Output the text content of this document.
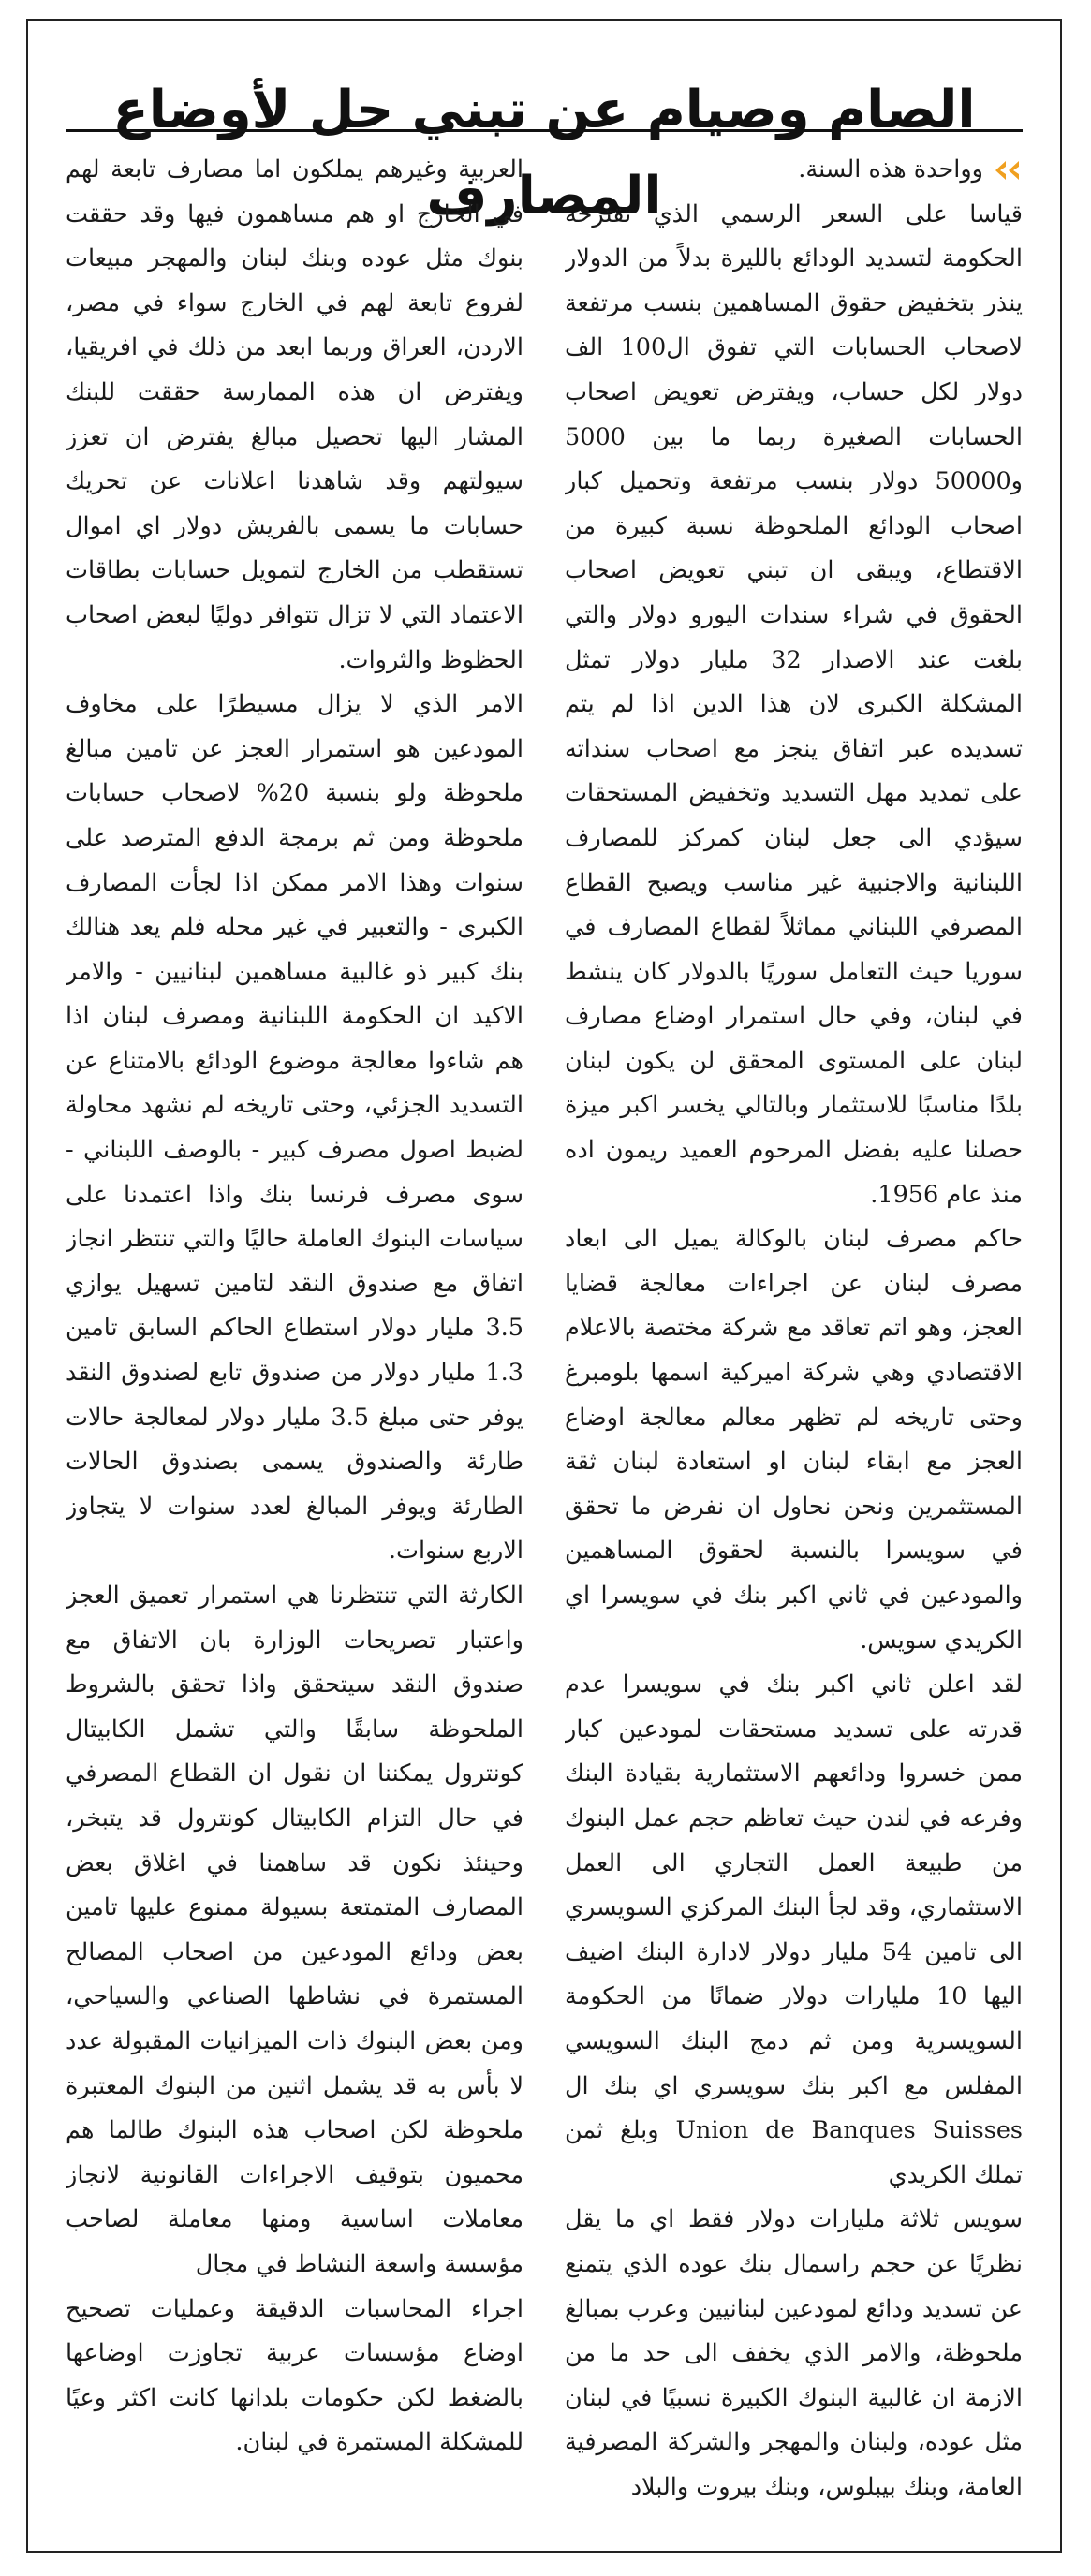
الصام وصيام عن تبني حل لأوضاع المصارف	وواحدة هذه السنة.

قياسا على السعر الرسمي الذي تقترحه الحكومة لتسديد الودائع بالليرة بدلاً من الدولار ينذر بتخفيض حقوق المساهمين بنسب مرتفعة لاصحاب الحسابات التي تفوق ال100 الف دولار لكل حساب، ويفترض تعويض اصحاب الحسابات الصغيرة ربما ما بين 5000 و50000 دولار بنسب مرتفعة وتحميل كبار اصحاب الودائع الملحوظة نسبة كبيرة من الاقتطاع، ويبقى ان تبني تعويض اصحاب الحقوق في شراء سندات اليورو دولار والتي بلغت عند الاصدار 32 مليار دولار تمثل المشكلة الكبرى لان هذا الدين اذا لم يتم تسديده عبر اتفاق ينجز مع اصحاب سنداته على تمديد مهل التسديد وتخفيض المستحقات سيؤدي الى جعل لبنان كمركز للمصارف اللبنانية والاجنبية غير مناسب ويصبح القطاع المصرفي اللبناني مماثلاً لقطاع المصارف في سوريا حيث التعامل سوريًا بالدولار كان ينشط في لبنان، وفي حال استمرار اوضاع مصارف لبنان على المستوى المحقق لن يكون لبنان بلدًا مناسبًا للاستثمار وبالتالي يخسر اكبر ميزة حصلنا عليه بفضل المرحوم العميد ريمون اده منذ عام 1956.

حاكم مصرف لبنان بالوكالة يميل الى ابعاد مصرف لبنان عن اجراءات معالجة قضايا العجز، وهو اتم تعاقد مع شركة مختصة بالاعلام الاقتصادي وهي شركة اميركية اسمها بلومبرغ وحتى تاريخه لم تظهر معالم معالجة اوضاع العجز مع ابقاء لبنان او استعادة لبنان ثقة المستثمرين ونحن نحاول ان نفرض ما تحقق في سويسرا بالنسبة لحقوق المساهمين والمودعين في ثاني اكبر بنك في سويسرا اي الكريدي سويس.

لقد اعلن ثاني اكبر بنك في سويسرا عدم قدرته على تسديد مستحقات لمودعين كبار ممن خسروا ودائعهم الاستثمارية بقيادة البنك وفرعه في لندن حيث تعاظم حجم عمل البنوك من طبيعة العمل التجاري الى العمل الاستثماري، وقد لجأ البنك المركزي السويسري الى تامين 54 مليار دولار لادارة البنك اضيف اليها 10 مليارات دولار ضمانًا من الحكومة السويسرية ومن ثم دمج البنك السويسي المفلس مع اكبر بنك سويسري اي بنك ال Union de Banques Suisses وبلغ ثمن تملك الكريدي

سويس ثلاثة مليارات دولار فقط اي ما يقل نظريًا عن حجم راسمال بنك عوده الذي يتمنع عن تسديد ودائع لمودعين لبنانيين وعرب بمبالغ ملحوظة، والامر الذي يخفف الى حد ما من الازمة ان غالبية البنوك الكبيرة نسبيًا في لبنان مثل عوده، ولبنان والمهجر والشركة المصرفية العامة، وبنك بيبلوس، وبنك بيروت والبلاد

العربية وغيرهم يملكون اما مصارف تابعة لهم في الخارج او هم مساهمون فيها وقد حققت بنوك مثل عوده وبنك لبنان والمهجر مبيعات لفروع تابعة لهم في الخارج سواء في مصر، الاردن، العراق وربما ابعد من ذلك في افريقيا، ويفترض ان هذه الممارسة حققت للبنك المشار اليها تحصيل مبالغ يفترض ان تعزز سيولتهم وقد شاهدنا اعلانات عن تحريك حسابات ما يسمى بالفريش دولار اي اموال تستقطب من الخارج لتمويل حسابات بطاقات الاعتماد التي لا تزال تتوافر دوليًا لبعض اصحاب الحظوظ والثروات.

الامر الذي لا يزال مسيطرًا على مخاوف المودعين هو استمرار العجز عن تامين مبالغ ملحوظة ولو بنسبة 20% لاصحاب حسابات ملحوظة ومن ثم برمجة الدفع المترصد على سنوات وهذا الامر ممكن اذا لجأت المصارف الكبرى - والتعبير في غير محله فلم يعد هنالك بنك كبير ذو غالبية مساهمين لبنانيين - والامر الاكيد ان الحكومة اللبنانية ومصرف لبنان اذا هم شاءوا معالجة موضوع الودائع بالامتناع عن التسديد الجزئي، وحتى تاريخه لم نشهد محاولة لضبط اصول مصرف كبير - بالوصف اللبناني - سوى مصرف فرنسا بنك واذا اعتمدنا على سياسات البنوك العاملة حاليًا والتي تنتظر انجاز اتفاق مع صندوق النقد لتامين تسهيل يوازي 3.5 مليار دولار استطاع الحاكم السابق تامين 1.3 مليار دولار من صندوق تابع لصندوق النقد يوفر حتى مبلغ 3.5 مليار دولار لمعالجة حالات طارئة والصندوق يسمى بصندوق الحالات الطارئة ويوفر المبالغ لعدد سنوات لا يتجاوز الاربع سنوات.

الكارثة التي تنتظرنا هي استمرار تعميق العجز واعتبار تصريحات الوزارة بان الاتفاق مع صندوق النقد سيتحقق واذا تحقق بالشروط الملحوظة سابقًا والتي تشمل الكابيتال كونترول يمكننا ان نقول ان القطاع المصرفي في حال التزام الكابيتال كونترول قد يتبخر، وحينئذ نكون قد ساهمنا في اغلاق بعض المصارف المتمتعة بسيولة ممنوع عليها تامين بعض ودائع المودعين من اصحاب المصالح المستمرة في نشاطها الصناعي والسياحي، ومن بعض البنوك ذات الميزانيات المقبولة عدد لا بأس به قد يشمل اثنين من البنوك المعتبرة ملحوظة لكن اصحاب هذه البنوك طالما هم محميون بتوقيف الاجراءات القانونية لانجاز معاملات اساسية ومنها معاملة لصاحب مؤسسة واسعة النشاط في مجال

اجراء المحاسبات الدقيقة وعمليات تصحيح اوضاع مؤسسات عربية تجاوزت اوضاعها بالضغط لكن حكومات بلدانها كانت اكثر وعيًا للمشكلة المستمرة في لبنان.
